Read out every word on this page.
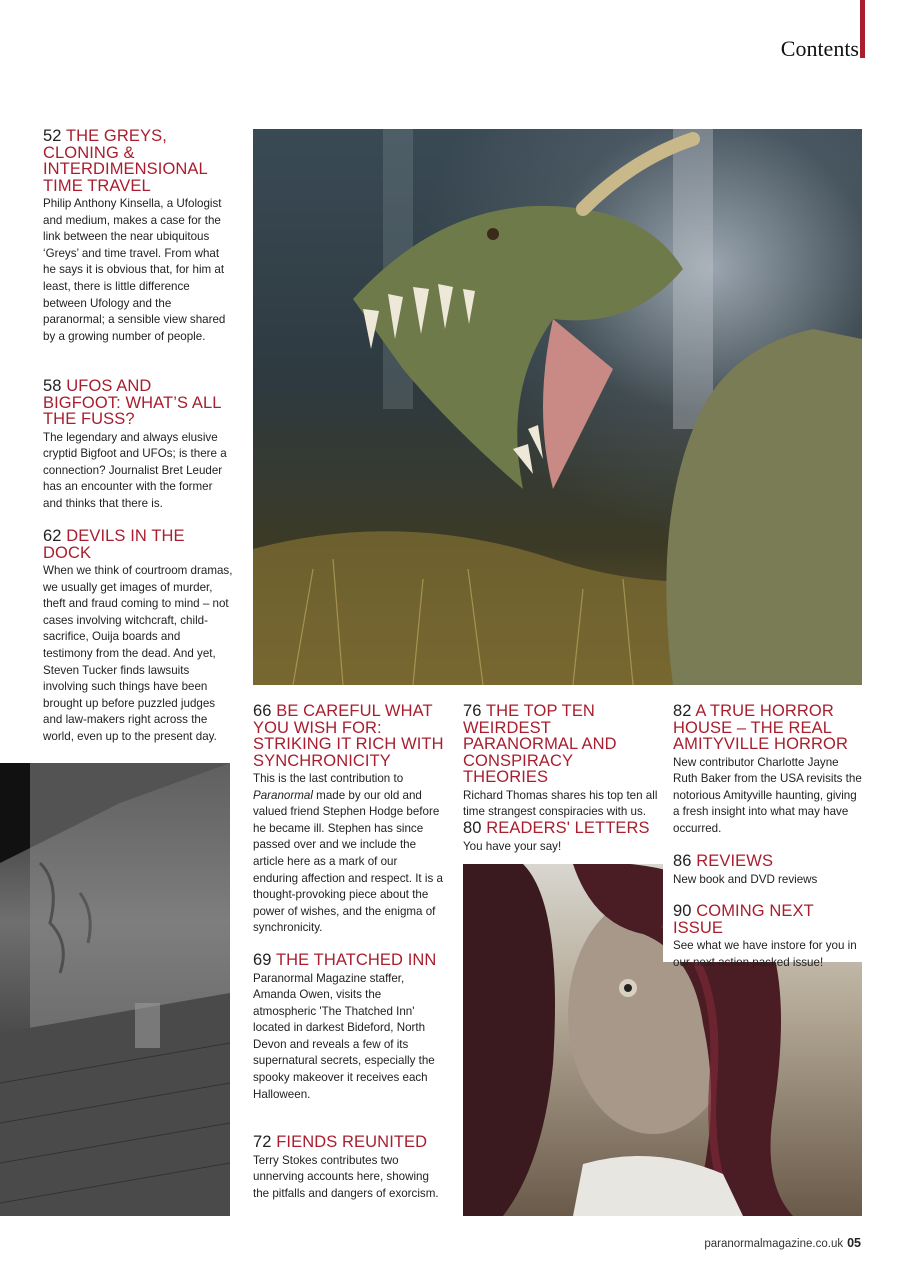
Contents
52 THE GREYS, CLONING & INTERDIMENSIONAL TIME TRAVEL

Philip Anthony Kinsella, a Ufologist and medium, makes a case for the link between the near ubiquitous ‘Greys’ and time travel. From what he says it is obvious that, for him at least, there is little difference between Ufology and the paranormal; a sensible view shared by a growing number of people.

58 UFOS AND BIGFOOT: WHAT’S ALL THE FUSS?

The legendary and always elusive cryptid Bigfoot and UFOs; is there a connection? Journalist Bret Leuder has an encounter with the former and thinks that there is.

62 DEVILS IN THE DOCK

When we think of courtroom dramas, we usually get images of murder, theft and fraud coming to mind – not cases involving witchcraft, child-sacrifice, Ouija boards and testimony from the dead. And yet, Steven Tucker finds lawsuits involving such things have been brought up before puzzled judges and law-makers right across the world, even up to the present day.

66 BE CAREFUL WHAT YOU WISH FOR: STRIKING IT RICH WITH SYNCHRONICITY

This is the last contribution to Paranormal made by our old and valued friend Stephen Hodge before he became ill. Stephen has since passed over and we include the article here as a mark of our enduring affection and respect. It is a thought-provoking piece about the power of wishes, and the enigma of synchronicity.

69 THE THATCHED INN

Paranormal Magazine staffer, Amanda Owen, visits the atmospheric 'The Thatched Inn' located in darkest Bideford, North Devon and reveals a few of its supernatural secrets, especially the spooky makeover it receives each Halloween.

72 FIENDS REUNITED

Terry Stokes contributes two unnerving accounts here, showing the pitfalls and dangers of exorcism.

76 THE TOP TEN WEIRDEST PARANORMAL AND CONSPIRACY THEORIES

Richard Thomas shares his top ten all time strangest conspiracies with us.

80 READERS' LETTERS

You have your say!

82 A TRUE HORROR HOUSE – THE REAL AMITYVILLE HORROR

New contributor Charlotte Jayne Ruth Baker from the USA revisits the notorious Amityville haunting, giving a fresh insight into what may have occurred.

86 REVIEWS

New book and DVD reviews

90 COMING NEXT ISSUE

See what we have instore for you in our next action packed issue!

paranormalmagazine.co.uk 05
